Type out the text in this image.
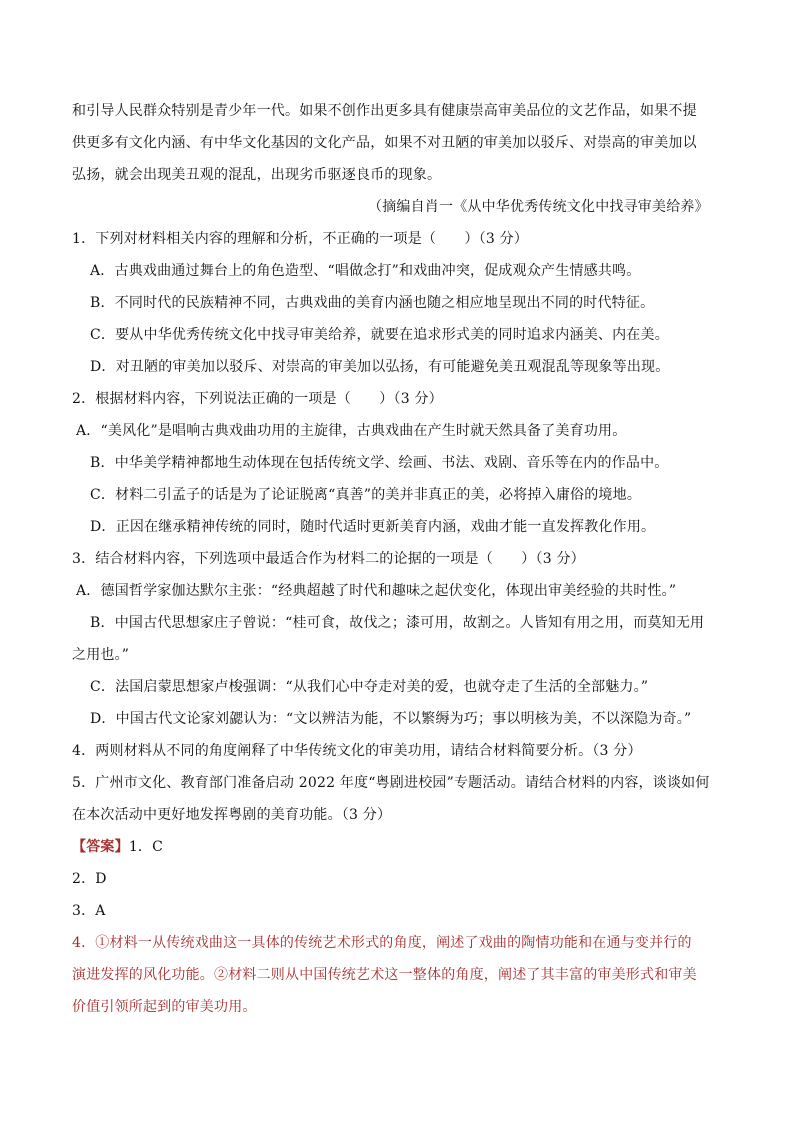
和引导人民群众特别是青少年一代。如果不创作出更多具有健康崇高审美品位的文艺作品，如果不提
供更多有文化内涵、有中华文化基因的文化产品，如果不对丑陋的审美加以驳斥、对崇高的审美加以
弘扬，就会出现美丑观的混乱，出现劣币驱逐良币的现象。
（摘编自肖一《从中华优秀传统文化中找寻审美给养》
1．下列对材料相关内容的理解和分析，不正确的一项是（　　）（3 分）
A．古典戏曲通过舞台上的角色造型、“唱做念打”和戏曲冲突，促成观众产生情感共鸣。
B．不同时代的民族精神不同，古典戏曲的美育内涵也随之相应地呈现出不同的时代特征。
C．要从中华优秀传统文化中找寻审美给养，就要在追求形式美的同时追求内涵美、内在美。
D．对丑陋的审美加以驳斥、对崇高的审美加以弘扬，有可能避免美丑观混乱等现象等出现。
2．根据材料内容，下列说法正确的一项是（　　）（3 分）
A．“美风化”是唱响古典戏曲功用的主旋律，古典戏曲在产生时就天然具备了美育功用。
B．中华美学精神都地生动体现在包括传统文学、绘画、书法、戏剧、音乐等在内的作品中。
C．材料二引孟子的话是为了论证脱离“真善”的美并非真正的美，必将掉入庸俗的境地。
D．正因在继承精神传统的同时，随时代适时更新美育内涵，戏曲才能一直发挥教化作用。
3．结合材料内容，下列选项中最适合作为材料二的论据的一项是（　　）（3 分）
A．德国哲学家伽达默尔主张：“经典超越了时代和趣味之起伏变化，体现出审美经验的共时性。”
B．中国古代思想家庄子曾说：“桂可食，故伐之；漆可用，故割之。人皆知有用之用，而莫知无用
之用也。”
C．法国启蒙思想家卢梭强调：“从我们心中夺走对美的爱，也就夺走了生活的全部魅力。”
D．中国古代文论家刘勰认为：“文以辨洁为能，不以繁缛为巧；事以明核为美，不以深隐为奇。”
4．两则材料从不同的角度阐释了中华传统文化的审美功用，请结合材料简要分析。（3 分）
5．广州市文化、教育部门准备启动 2022 年度“粤剧进校园”专题活动。请结合材料的内容，谈谈如何
在本次活动中更好地发挥粤剧的美育功能。（3 分）
【答案】1．C
2．D
3．A
4．①材料一从传统戏曲这一具体的传统艺术形式的角度，阐述了戏曲的陶情功能和在通与变并行的
演进发挥的风化功能。②材料二则从中国传统艺术这一整体的角度，阐述了其丰富的审美形式和审美
价值引领所起到的审美功用。
